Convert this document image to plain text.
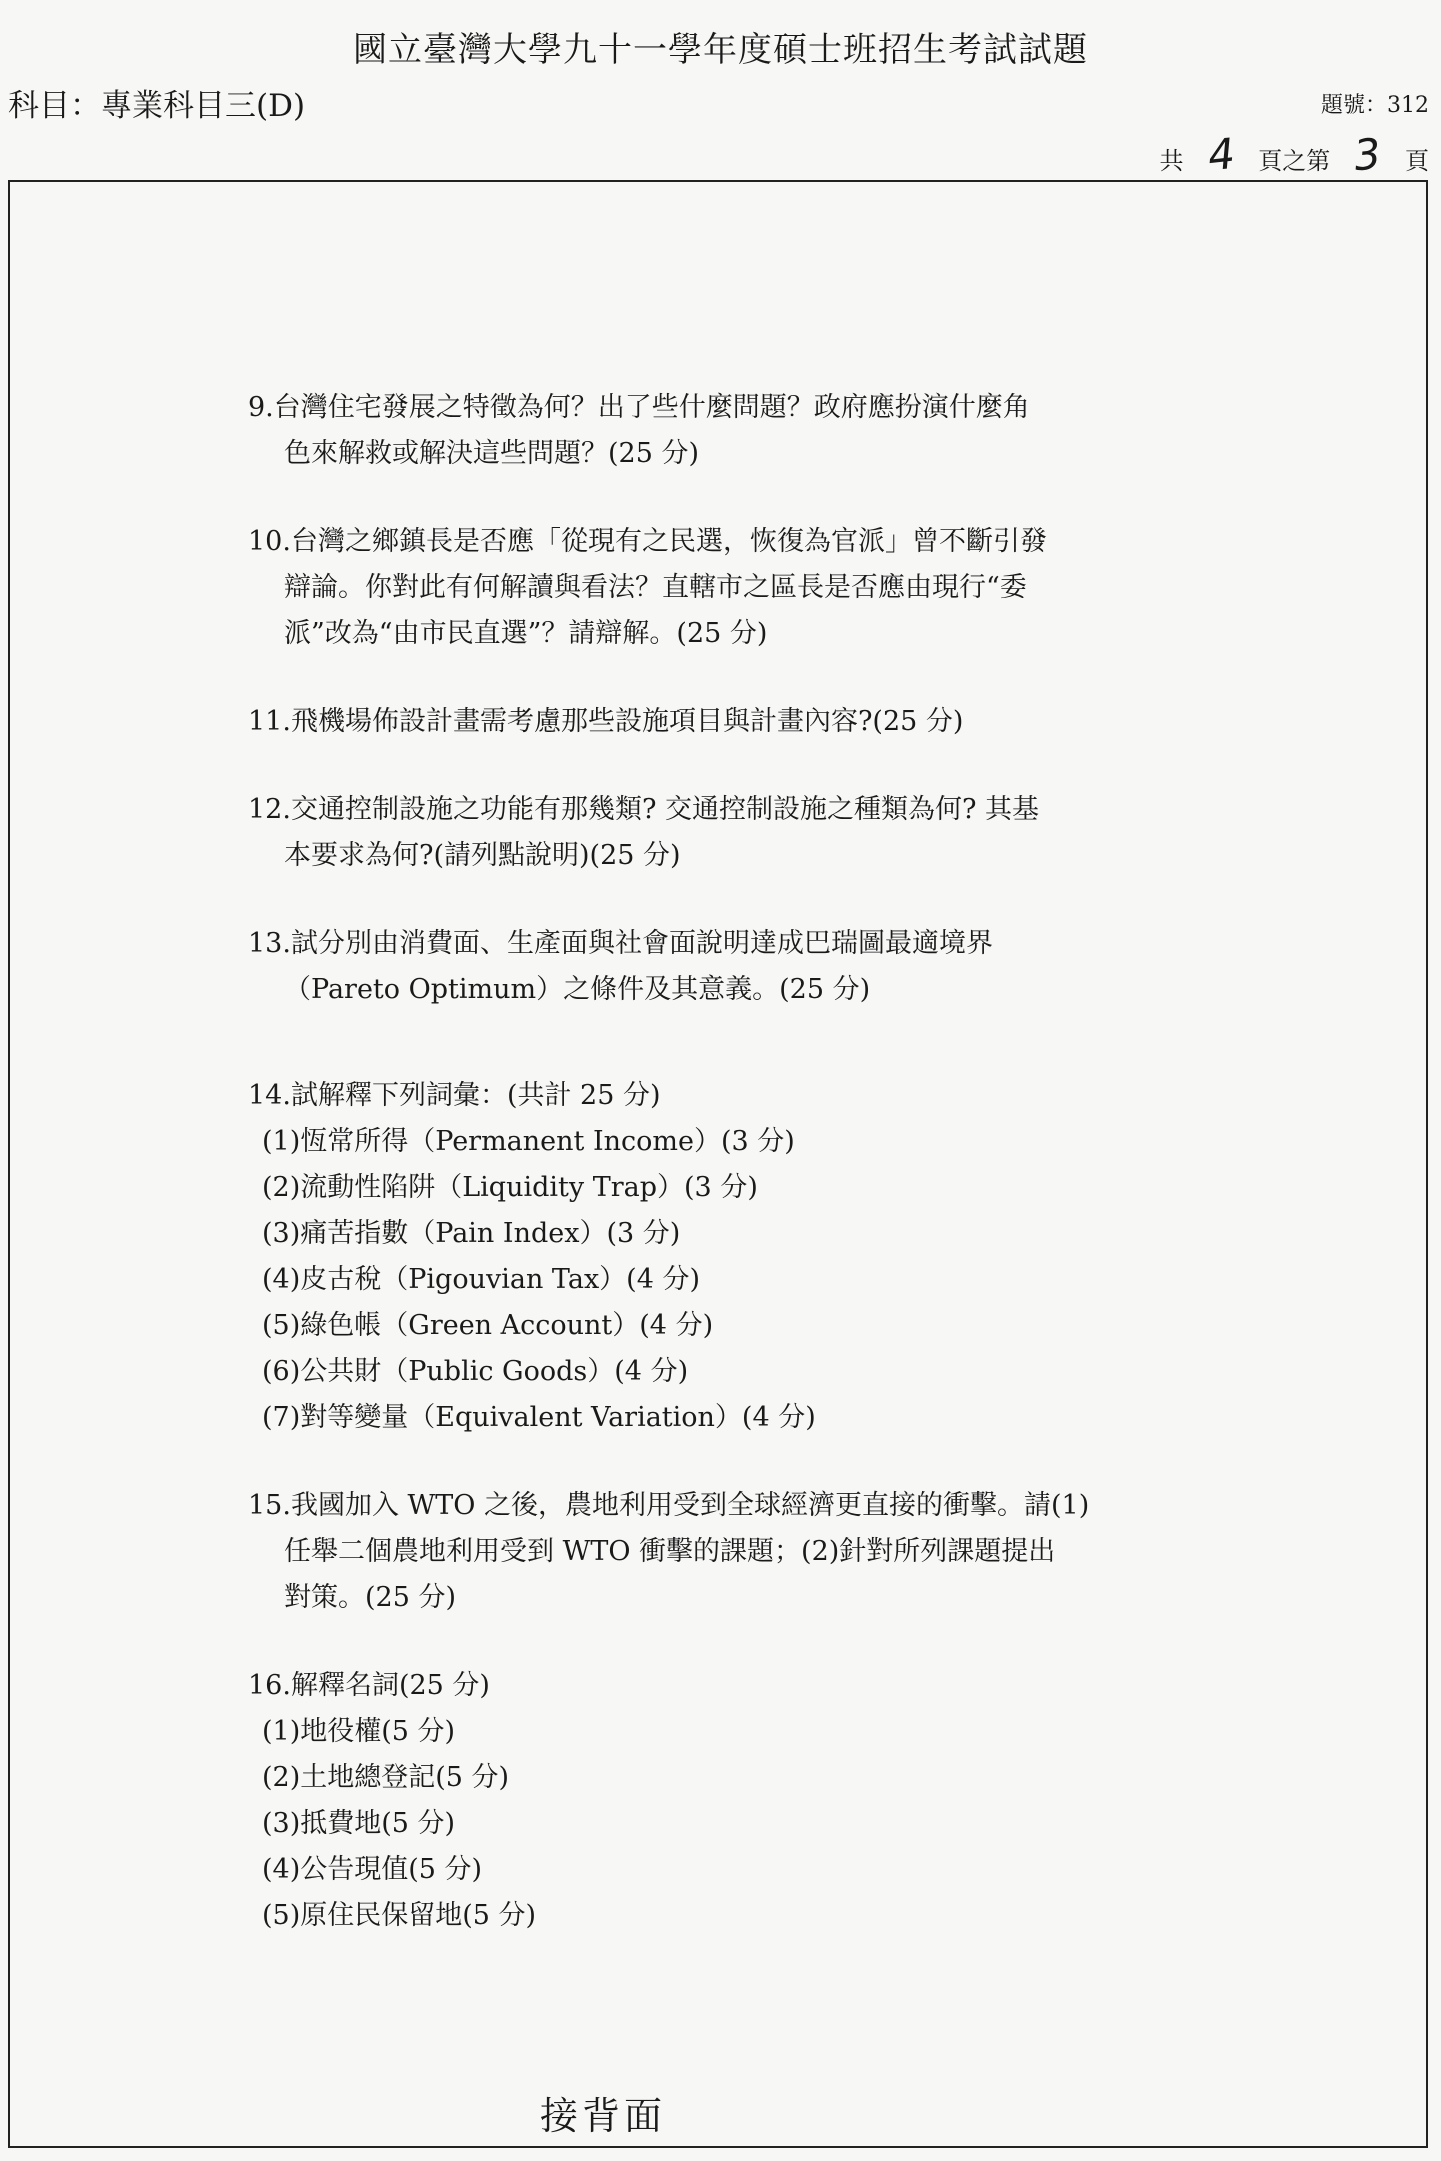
國立臺灣大學九十一學年度碩士班招生考試試題
科目：專業科目三(D)	題號：312
共 4 頁之第 3 頁
9.台灣住宅發展之特徵為何？出了些什麼問題？政府應扮演什麼角
色來解救或解決這些問題？(25 分)
10.台灣之鄉鎮長是否應「從現有之民選，恢復為官派」曾不斷引發
辯論。你對此有何解讀與看法？直轄市之區長是否應由現行“委
派”改為“由市民直選”？請辯解。(25 分)
11.飛機場佈設計畫需考慮那些設施項目與計畫內容?(25 分)
12.交通控制設施之功能有那幾類? 交通控制設施之種類為何? 其基
本要求為何?(請列點說明)(25 分)
13.試分別由消費面、生產面與社會面說明達成巴瑞圖最適境界
（Pareto Optimum）之條件及其意義。(25 分)
14.試解釋下列詞彙：(共計 25 分)
(1)恆常所得（Permanent Income）(3 分)
(2)流動性陷阱（Liquidity Trap）(3 分)
(3)痛苦指數（Pain Index）(3 分)
(4)皮古稅（Pigouvian Tax）(4 分)
(5)綠色帳（Green Account）(4 分)
(6)公共財（Public Goods）(4 分)
(7)對等變量（Equivalent Variation）(4 分)
15.我國加入 WTO 之後，農地利用受到全球經濟更直接的衝擊。請(1)
任舉二個農地利用受到 WTO 衝擊的課題；(2)針對所列課題提出
對策。(25 分)
16.解釋名詞(25 分)
(1)地役權(5 分)
(2)土地總登記(5 分)
(3)抵費地(5 分)
(4)公告現值(5 分)
(5)原住民保留地(5 分)
接背面
